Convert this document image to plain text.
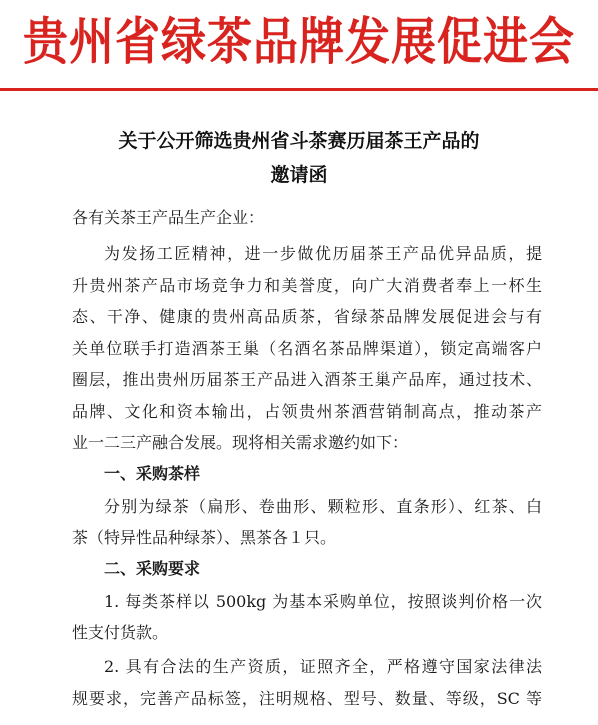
贵州省绿茶品牌发展促进会
关于公开筛选贵州省斗茶赛历届茶王产品的
邀请函
各有关茶王产品生产企业：
为发扬工匠精神，进一步做优历届茶王产品优异品质，提
升贵州茶产品市场竞争力和美誉度，向广大消费者奉上一杯生
态、干净、健康的贵州高品质茶，省绿茶品牌发展促进会与有
关单位联手打造酒茶王巢（名酒名茶品牌渠道），锁定高端客户
圈层，推出贵州历届茶王产品进入酒茶王巢产品库，通过技术、
品牌、文化和资本输出，占领贵州茶酒营销制高点，推动茶产
业一二三产融合发展。现将相关需求邀约如下：
一、采购茶样
分别为绿茶（扁形、卷曲形、颗粒形、直条形）、红茶、白
茶（特异性品种绿茶）、黑茶各１只。
二、采购要求
1. 每类茶样以 500kg 为基本采购单位，按照谈判价格一次
性支付货款。
2. 具有合法的生产资质，证照齐全，严格遵守国家法律法
规要求，完善产品标签，注明规格、型号、数量、等级，SC 等
